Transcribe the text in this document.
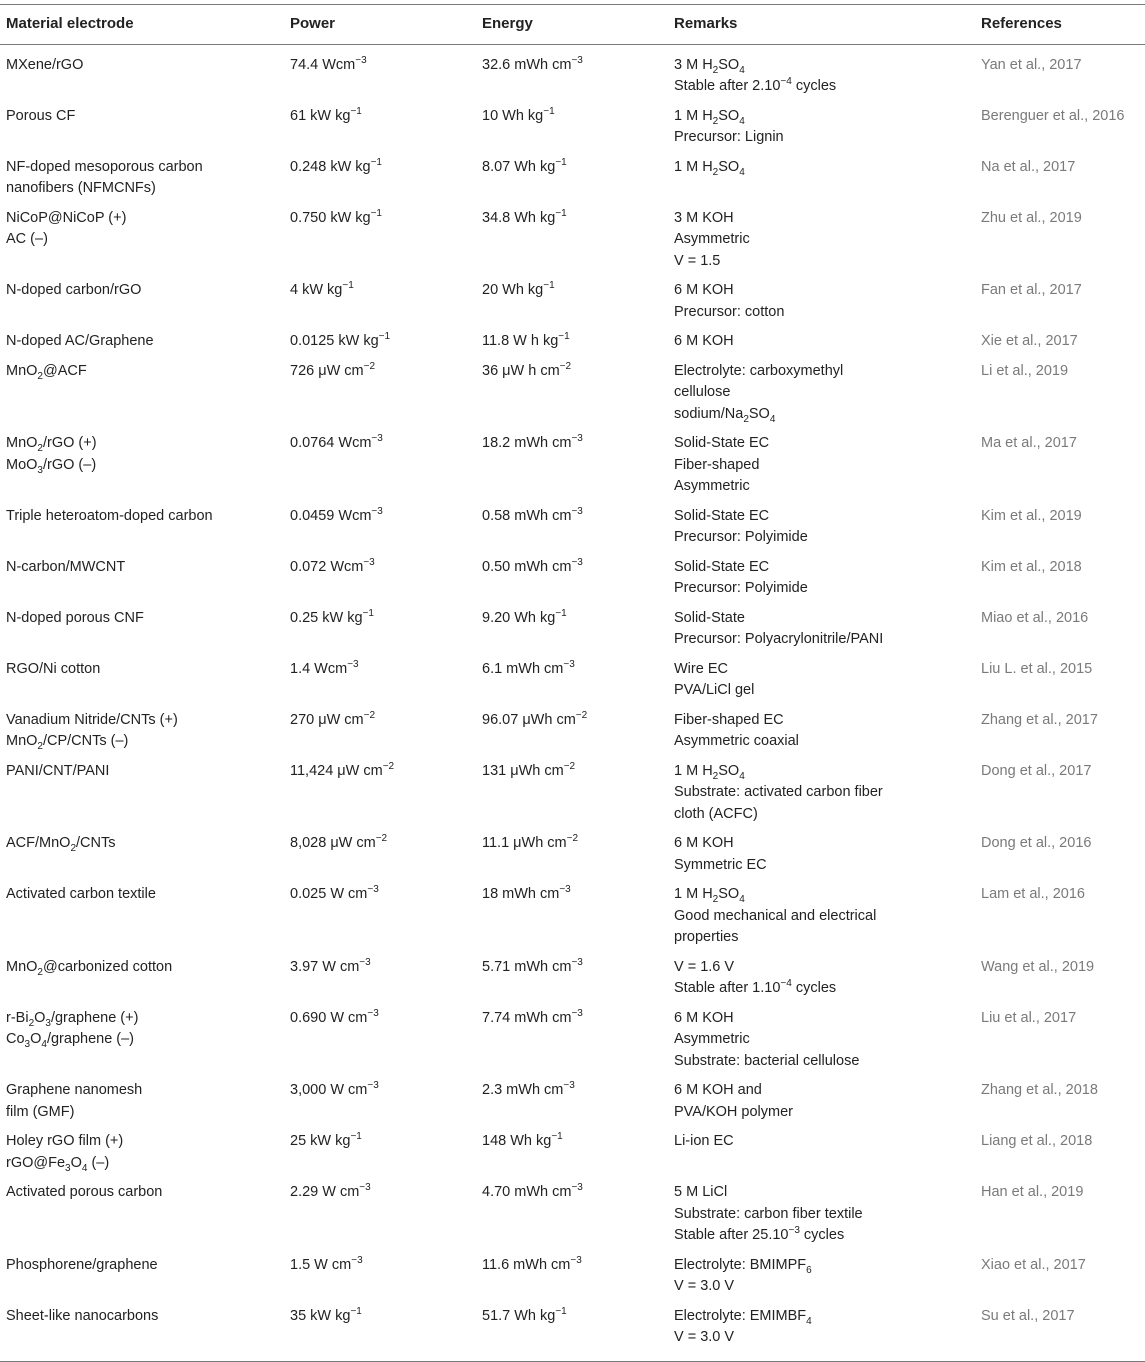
Material electrode	Power	Energy	Remarks	References

MXene/rGO	74.4 Wcm$^{-3}$	32.6 mWh $cm^{-3}$	3 M $H_2SO_4$
Stable after $2.10^{-4}$ cycles	Yan et al., 2017

Porous CF	61 kW $kg^{-1}$	10 Wh $kg^{-1}$	1 M $H_2SO_4$
Precursor: Lignin	Berenguer et al., 2016

NF-doped mesoporous carbon
nanofibers (NFMCNFs)	0.248 kW $kg^{-1}$	8.07 Wh $kg^{-1}$	1 M $H_2SO_4$	Na et al., 2017

NiCoP@NiCoP (+)
AC (–)	0.750 kW $kg^{-1}$	34.8 Wh $kg^{-1}$	3 M KOH
Asymmetric
V = 1.5	Zhu et al., 2019

N-doped carbon/rGO	4 kW $kg^{-1}$	20 Wh $kg^{-1}$	6 M KOH
Precursor: cotton	Fan et al., 2017

N-doped AC/Graphene	0.0125 kW $kg^{-1}$	11.8 W h $kg^{-1}$	6 M KOH	Xie et al., 2017

MnO$_2$@ACF	726 μW $cm^{-2}$	36 μW h $cm^{-2}$	Electrolyte: carboxymethyl
cellulose
sodium/$Na_2SO_4$	Li et al., 2019

MnO$_2$/rGO (+)
MoO$_3$/rGO (–)	0.0764 Wcm$^{-3}$	18.2 mWh $cm^{-3}$	Solid-State EC
Fiber-shaped
Asymmetric	Ma et al., 2017

Triple heteroatom-doped carbon	0.0459 Wcm$^{-3}$	0.58 mWh $cm^{-3}$	Solid-State EC
Precursor: Polyimide	Kim et al., 2019

N-carbon/MWCNT	0.072 Wcm$^{-3}$	0.50 mWh $cm^{-3}$	Solid-State EC
Precursor: Polyimide	Kim et al., 2018

N-doped porous CNF	0.25 kW $kg^{-1}$	9.20 Wh $kg^{-1}$	Solid-State
Precursor: Polyacrylonitrile/PANI	Miao et al., 2016

RGO/Ni cotton	1.4 Wcm$^{-3}$	6.1 mWh $cm^{-3}$	Wire EC
PVA/LiCl gel	Liu L. et al., 2015

Vanadium Nitride/CNTs (+)
MnO$_2$/CP/CNTs (–)	270 μW $cm^{-2}$	96.07 μWh $cm^{-2}$	Fiber-shaped EC
Asymmetric coaxial	Zhang et al., 2017

PANI/CNT/PANI	11,424 μW $cm^{-2}$	131 μWh $cm^{-2}$	1 M $H_2SO_4$
Substrate: activated carbon fiber
cloth (ACFC)	Dong et al., 2017

ACF/MnO$_2$/CNTs	8,028 μW $cm^{-2}$	11.1 μWh $cm^{-2}$	6 M KOH
Symmetric EC	Dong et al., 2016

Activated carbon textile	0.025 W $cm^{-3}$	18 mWh $cm^{-3}$	1 M $H_2SO_4$
Good mechanical and electrical
properties	Lam et al., 2016

MnO$_2$@carbonized cotton	3.97 W $cm^{-3}$	5.71 mWh $cm^{-3}$	V = 1.6 V
Stable after $1.10^{-4}$ cycles	Wang et al., 2019

$r-Bi_2O_3$/graphene (+)
$Co_3O_4$/graphene (–)	0.690 W $cm^{-3}$	7.74 mWh $cm^{-3}$	6 M KOH
Asymmetric
Substrate: bacterial cellulose	Liu et al., 2017

Graphene nanomesh
film (GMF)	3,000 W $cm^{-3}$	2.3 mWh $cm^{-3}$	6 M KOH and
PVA/KOH polymer	Zhang et al., 2018

Holey rGO film (+)
$rGO@Fe_3O_4$ (–)	25 kW $kg^{-1}$	148 Wh $kg^{-1}$	Li-ion EC	Liang et al., 2018

Activated porous carbon	2.29 W $cm^{-3}$	4.70 mWh $cm^{-3}$	5 M LiCl
Substrate: carbon fiber textile
Stable after $25.10^{-3}$ cycles	Han et al., 2019

Phosphorene/graphene	1.5 W $cm^{-3}$	11.6 mWh $cm^{-3}$	Electrolyte: $BMIMPF_6$
V = 3.0 V	Xiao et al., 2017

Sheet-like nanocarbons	35 kW $kg^{-1}$	51.7 Wh $kg^{-1}$	Electrolyte: $EMIMBF_4$
V = 3.0 V	Su et al., 2017
